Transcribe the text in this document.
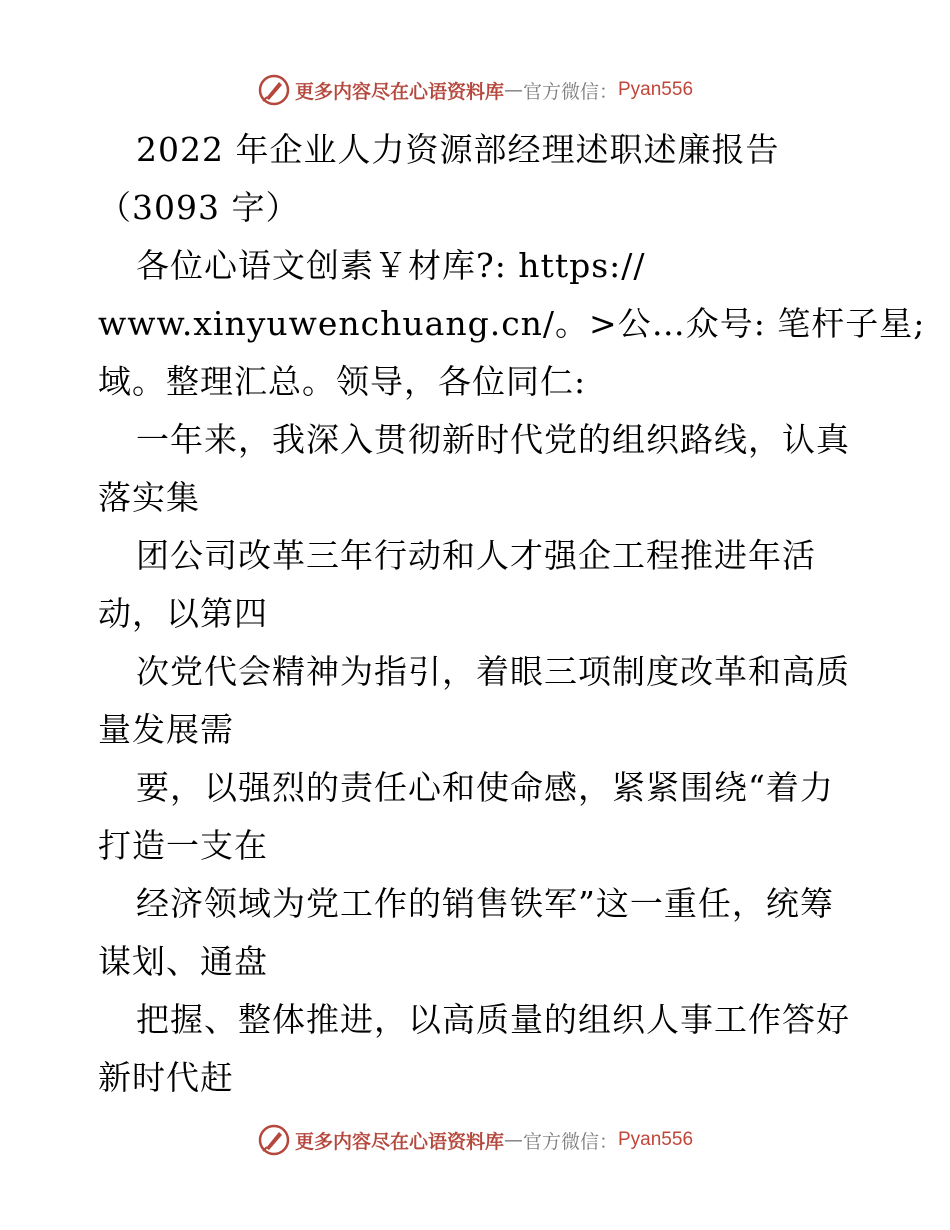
更多内容尽在心语资料库 — 官方微信： Pyan556
2022 年企业人力资源部经理述职述廉报告
（3093 字）
各位心语文创素￥材库?: https://
www.xinyuwenchuang.cn/。>公…众号: 笔杆子星;
域。整理汇总。领导，各位同仁:
一年来，我深入贯彻新时代党的组织路线，认真
落实集
团公司改革三年行动和人才强企工程推进年活
动，以第四
次党代会精神为指引，着眼三项制度改革和高质
量发展需
要，以强烈的责任心和使命感，紧紧围绕“着力
打造一支在
经济领域为党工作的销售铁军”这一重任，统筹
谋划、通盘
把握、整体推进，以高质量的组织人事工作答好
新时代赶
更多内容尽在心语资料库 — 官方微信： Pyan556
